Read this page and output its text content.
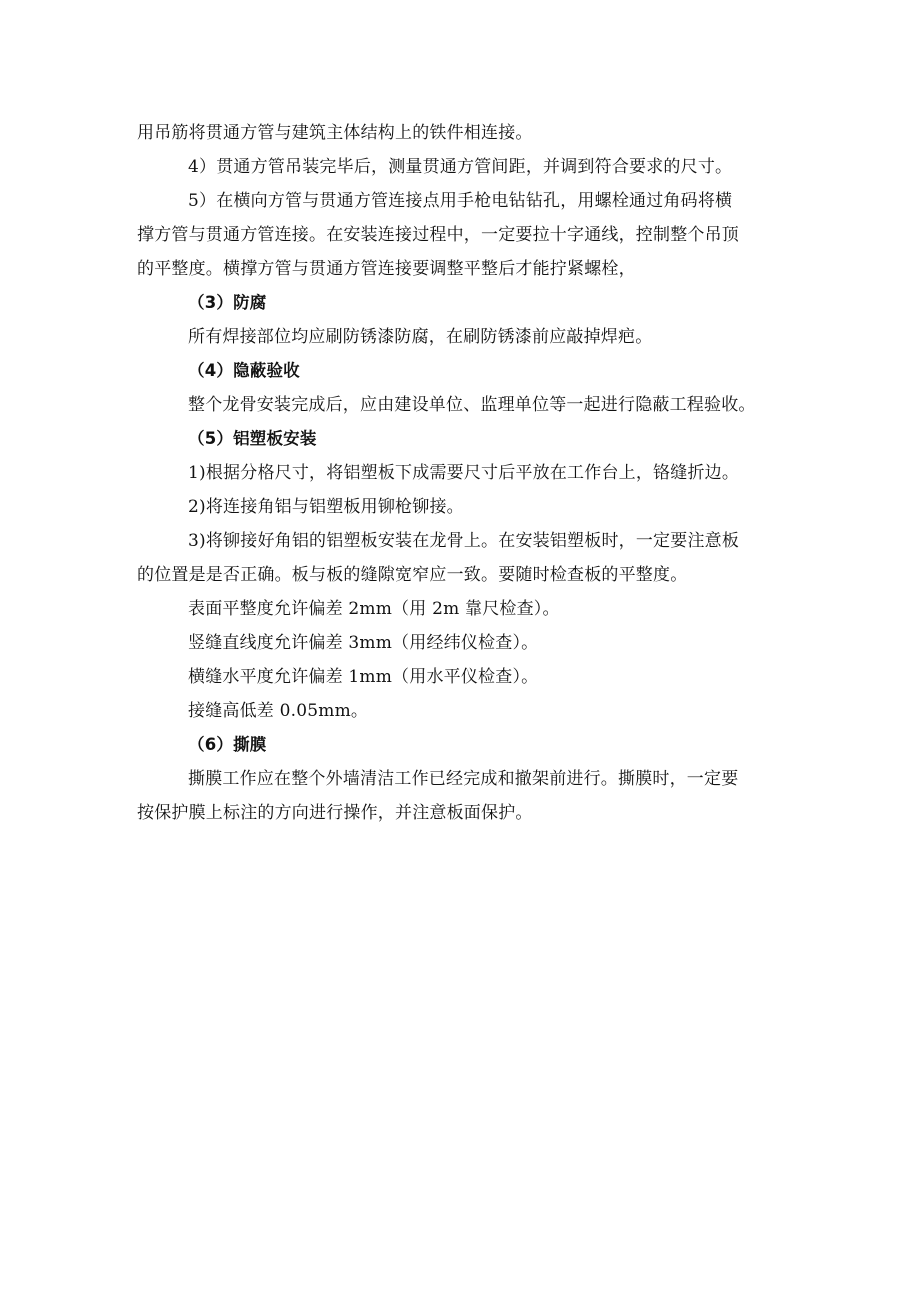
用吊筋将贯通方管与建筑主体结构上的铁件相连接。

4）贯通方管吊装完毕后，测量贯通方管间距，并调到符合要求的尺寸。

5）在横向方管与贯通方管连接点用手枪电钻钻孔，用螺栓通过角码将横
撑方管与贯通方管连接。在安装连接过程中，一定要拉十字通线，控制整个吊顶
的平整度。横撑方管与贯通方管连接要调整平整后才能拧紧螺栓，

（3）防腐

所有焊接部位均应刷防锈漆防腐，在刷防锈漆前应敲掉焊疤。

（4）隐蔽验收

整个龙骨安装完成后，应由建设单位、监理单位等一起进行隐蔽工程验收。

（5）铝塑板安装

1)根据分格尺寸，将铝塑板下成需要尺寸后平放在工作台上，铬缝折边。

2)将连接角铝与铝塑板用铆枪铆接。

3)将铆接好角铝的铝塑板安装在龙骨上。在安装铝塑板时，一定要注意板
的位置是是否正确。板与板的缝隙宽窄应一致。要随时检查板的平整度。

表面平整度允许偏差 2mm（用 2m 靠尺检查）。

竖缝直线度允许偏差 3mm（用经纬仪检查）。

横缝水平度允许偏差 1mm（用水平仪检查）。

接缝高低差 0.05mm。

（6）撕膜

撕膜工作应在整个外墙清洁工作已经完成和撤架前进行。撕膜时，一定要
按保护膜上标注的方向进行操作，并注意板面保护。
